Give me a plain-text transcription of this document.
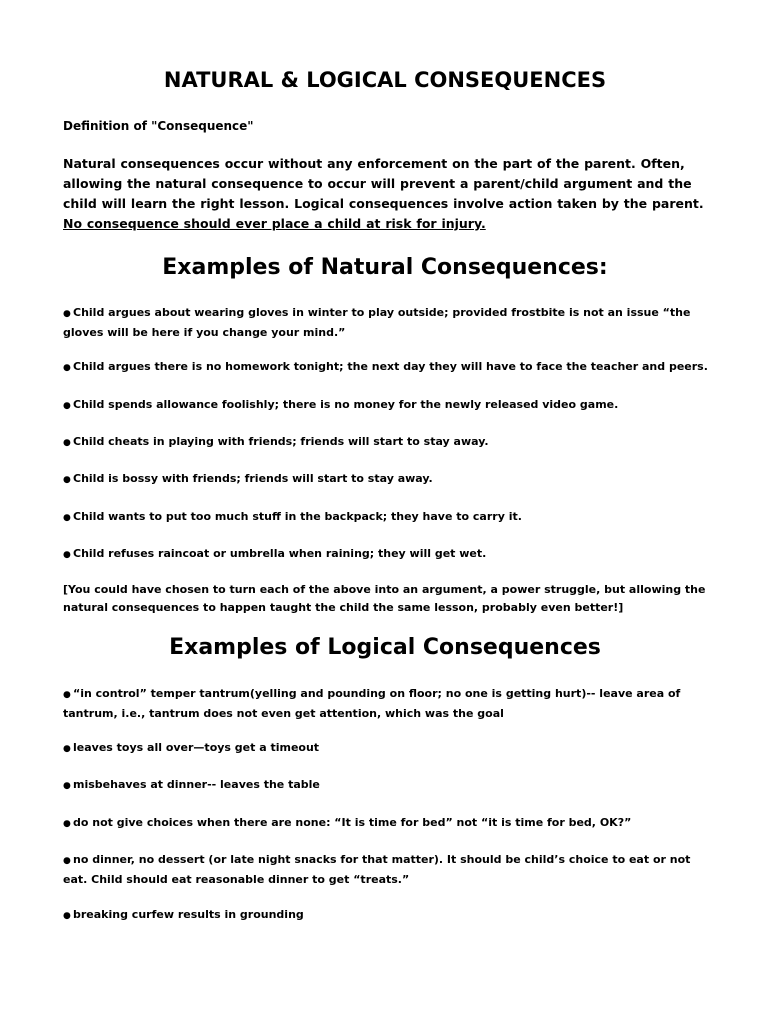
NATURAL & LOGICAL CONSEQUENCES
Definition of "Consequence"
Natural consequences occur without any enforcement on the part of the parent. Often, allowing the natural consequence to occur will prevent a parent/child argument and the child will learn the right lesson. Logical consequences involve action taken by the parent. No consequence should ever place a child at risk for injury.
Examples of Natural Consequences:
● Child argues about wearing gloves in winter to play outside; provided frostbite is not an issue “the gloves will be here if you change your mind.”
● Child argues there is no homework tonight; the next day they will have to face the teacher and peers.
● Child spends allowance foolishly; there is no money for the newly released video game.
● Child cheats in playing with friends; friends will start to stay away.
● Child is bossy with friends; friends will start to stay away.
● Child wants to put too much stuff in the backpack; they have to carry it.
● Child refuses raincoat or umbrella when raining; they will get wet.
[You could have chosen to turn each of the above into an argument, a power struggle, but allowing the natural consequences to happen taught the child the same lesson, probably even better!]
Examples of Logical Consequences
● “in control” temper tantrum(yelling and pounding on floor; no one is getting hurt)-- leave area of tantrum, i.e., tantrum does not even get attention, which was the goal
● leaves toys all over—toys get a timeout
● misbehaves at dinner-- leaves the table
● do not give choices when there are none: “It is time for bed” not “it is time for bed, OK?”
● no dinner, no dessert (or late night snacks for that matter). It should be child’s choice to eat or not eat. Child should eat reasonable dinner to get “treats.”
● breaking curfew results in grounding
